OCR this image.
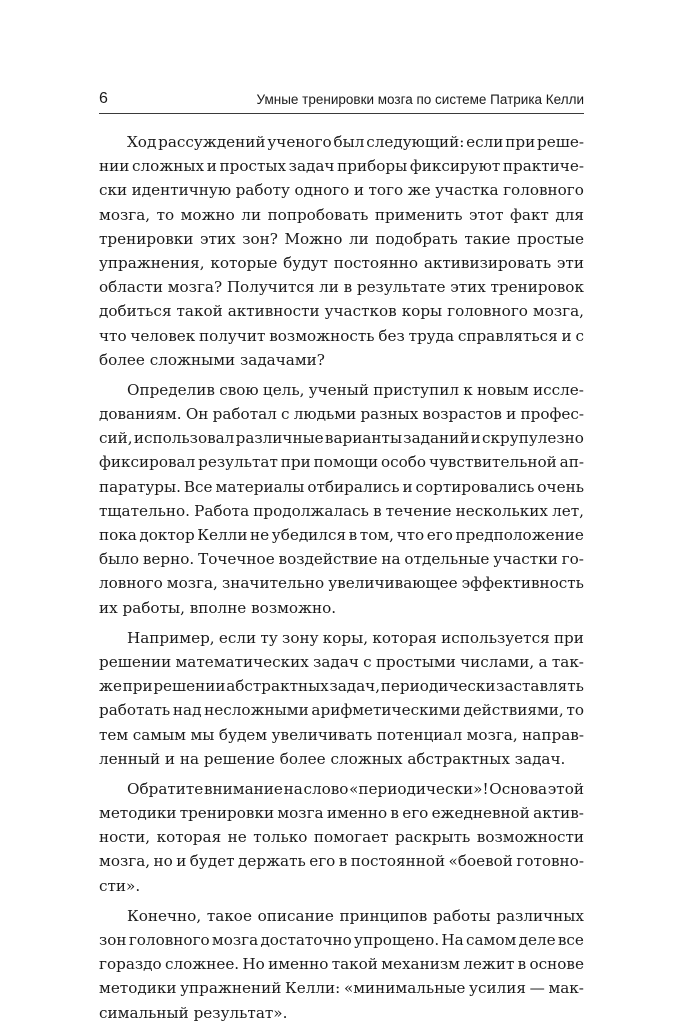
6	Умные тренировки мозга по системе Патрика Келли
Ход рассуждений ученого был следующий: если при реше-
нии сложных и простых задач приборы фиксируют практиче-
ски идентичную работу одного и того же участка головного
мозга, то можно ли попробовать применить этот факт для
тренировки этих зон? Можно ли подобрать такие простые
упражнения, которые будут постоянно активизировать эти
области мозга? Получится ли в результате этих тренировок
добиться такой активности участков коры головного мозга,
что человек получит возможность без труда справляться и с
более сложными задачами?
Определив свою цель, ученый приступил к новым иссле-
дованиям. Он работал с людьми разных возрастов и профес-
сий, использовал различные варианты заданий и скрупулезно
фиксировал результат при помощи особо чувствительной ап-
паратуры. Все материалы отбирались и сортировались очень
тщательно. Работа продолжалась в течение нескольких лет,
пока доктор Келли не убедился в том, что его предположение
было верно. Точечное воздействие на отдельные участки го-
ловного мозга, значительно увеличивающее эффективность
их работы, вполне возможно.
Например, если ту зону коры, которая используется при
решении математических задач с простыми числами, а так-
же при решении абстрактных задач, периодически заставлять
работать над несложными арифметическими действиями, то
тем самым мы будем увеличивать потенциал мозга, направ-
ленный и на решение более сложных абстрактных задач.
Обратите внимание на слово «периодически»! Основа этой
методики тренировки мозга именно в его ежедневной актив-
ности, которая не только помогает раскрыть возможности
мозга, но и будет держать его в постоянной «боевой готовно-
сти».
Конечно, такое описание принципов работы различных
зон головного мозга достаточно упрощено. На самом деле все
гораздо сложнее. Но именно такой механизм лежит в основе
методики упражнений Келли: «минимальные усилия — мак-
симальный результат».
